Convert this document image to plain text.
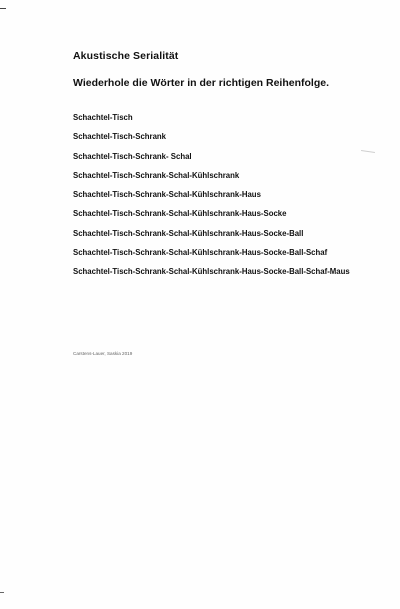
Akustische Serialität
Wiederhole die Wörter in der richtigen Reihenfolge.
Schachtel-Tisch
Schachtel-Tisch-Schrank
Schachtel-Tisch-Schrank- Schal
Schachtel-Tisch-Schrank-Schal-Kühlschrank
Schachtel-Tisch-Schrank-Schal-Kühlschrank-Haus
Schachtel-Tisch-Schrank-Schal-Kühlschrank-Haus-Socke
Schachtel-Tisch-Schrank-Schal-Kühlschrank-Haus-Socke-Ball
Schachtel-Tisch-Schrank-Schal-Kühlschrank-Haus-Socke-Ball-Schaf
Schachtel-Tisch-Schrank-Schal-Kühlschrank-Haus-Socke-Ball-Schaf-Maus
Carstens-Lauer, Saskia 2019
